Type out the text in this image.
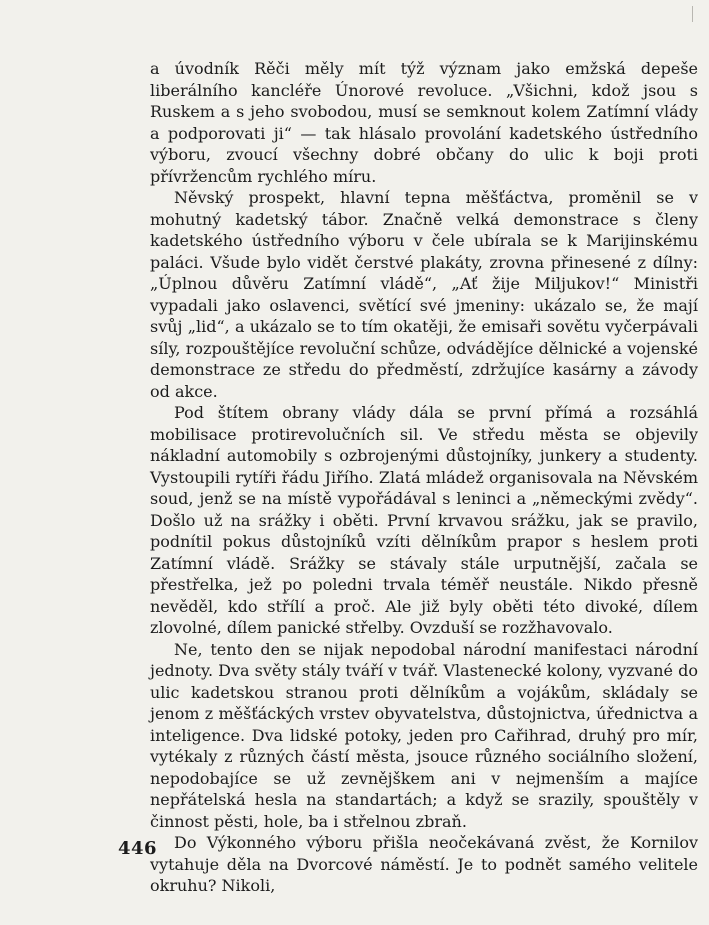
a úvodník Rěči měly mít týž význam jako emžská depeše liberálního kancléře Únorové revoluce. „Všichni, kdož jsou s Ruskem a s jeho svobodou, musí se semknout kolem Zatímní vlády a podporovati ji“ — tak hlásalo provolání kadetského ústředního výboru, zvoucí všechny dobré občany do ulic k boji proti přívržencům rychlého míru.

Něvský prospekt, hlavní tepna měšťáctva, proměnil se v mohutný kadetský tábor. Značně velká demonstrace s členy kadetského ústředního výboru v čele ubírala se k Marijinskému paláci. Všude bylo vidět čerstvé plakáty, zrovna přinesené z dílny: „Úplnou důvěru Zatímní vládě“, „Ať žije Miljukov!“ Ministři vypadali jako oslavenci, světící své jmeniny: ukázalo se, že mají svůj „lid“, a ukázalo se to tím okatěji, že emisaři sovětu vyčerpávali síly, rozpouštějíce revoluční schůze, odvádějíce dělnické a vojenské demonstrace ze středu do předměstí, zdržujíce kasárny a závody od akce.

Pod štítem obrany vlády dála se první přímá a rozsáhlá mobilisace protirevolučních sil. Ve středu města se objevily nákladní automobily s ozbrojenými důstojníky, junkery a studenty. Vystoupili rytíři řádu Jiřího. Zlatá mládež organisovala na Něvském soud, jenž se na místě vypořádával s leninci a „německými zvědy“. Došlo už na srážky i oběti. První krvavou srážku, jak se pravilo, podnítil pokus důstojníků vzíti dělníkům prapor s heslem proti Zatímní vládě. Srážky se stávaly stále urputnější, začala se přestřelka, jež po poledni trvala téměř neustále. Nikdo přesně nevěděl, kdo střílí a proč. Ale již byly oběti této divoké, dílem zlovolné, dílem panické střelby. Ovzduší se rozžhavovalo.

Ne, tento den se nijak nepodobal národní manifestaci národní jednoty. Dva světy stály tváří v tvář. Vlastenecké kolony, vyzvané do ulic kadetskou stranou proti dělníkům a vojákům, skládaly se jenom z měšťáckých vrstev obyvatelstva, důstojnictva, úřednictva a inteligence. Dva lidské potoky, jeden pro Cařihrad, druhý pro mír, vytékaly z různých částí města, jsouce různého sociálního složení, nepodobajíce se už zevnějškem ani v nejmenším a majíce nepřátelská hesla na standartách; a když se srazily, spouštěly v činnost pěsti, hole, ba i střelnou zbraň.

Do Výkonného výboru přišla neočekávaná zvěst, že Kornilov vytahuje děla na Dvorcové náměstí. Je to podnět samého velitele okruhu? Nikoli,

446
